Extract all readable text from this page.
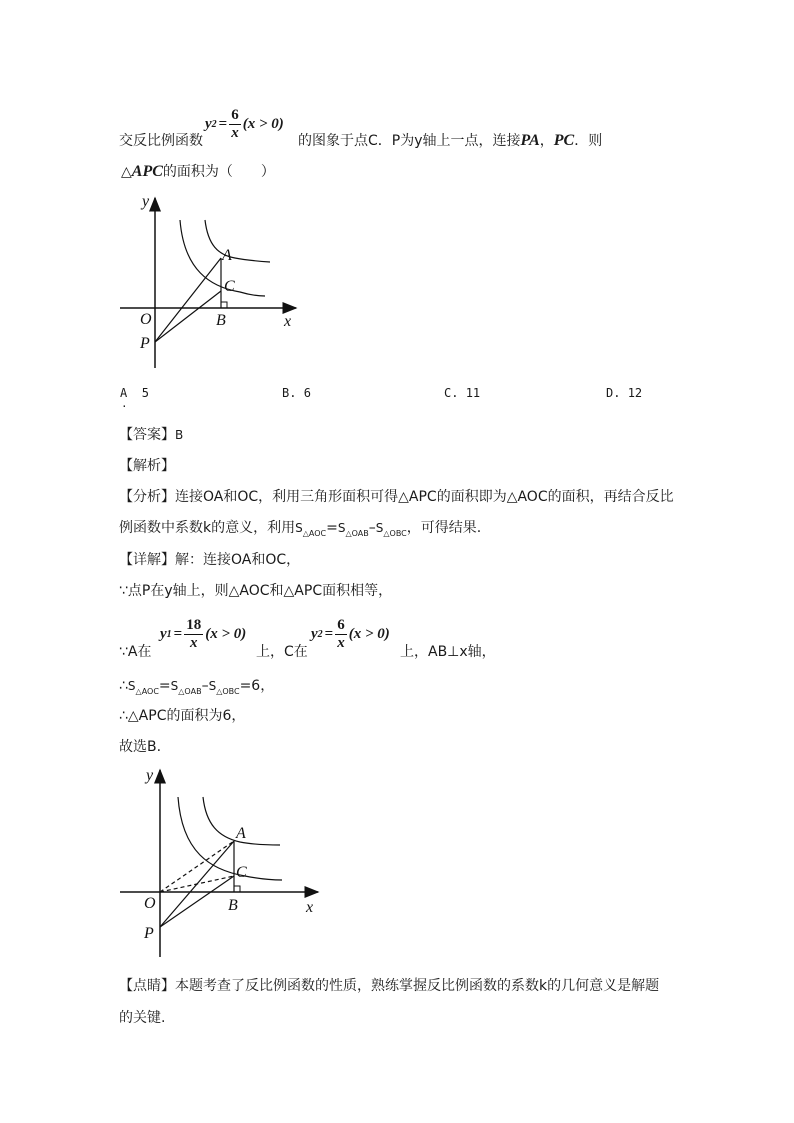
交反比例函数
y $2 = \frac{6}{x} (x > 0)$
的图象于点C．P为y轴上一点，连接PA，PC．则
△APC的面积为（　　）
y
x
O
A
B
C
P
A 5
.
B. 6	C. 11	D. 12
【答案】B
【解析】
【分析】连接OA和OC，利用三角形面积可得△APC的面积即为△AOC的面积，再结合反比
例函数中系数k的意义，利用$S_{\triangle AOC}=S_{\triangle OAB}-S_{\triangle OBC}$，可得结果.
【详解】解：连接OA和OC，
∵点P在y轴上，则△AOC和△APC面积相等，
∵A在
y $1 = \frac{18}{x} (x > 0)$
上，C在
y $2 = \frac{6}{x} (x > 0)$
上，AB⊥x轴，
$\therefore S_{\triangle AOC}=S_{\triangle OAB}-S_{\triangle OBC}=6$，
∴△APC的面积为6，
故选B.
y
x
O
A
B
C
P
【点睛】本题考查了反比例函数的性质，熟练掌握反比例函数的系数k的几何意义是解题
的关键.
